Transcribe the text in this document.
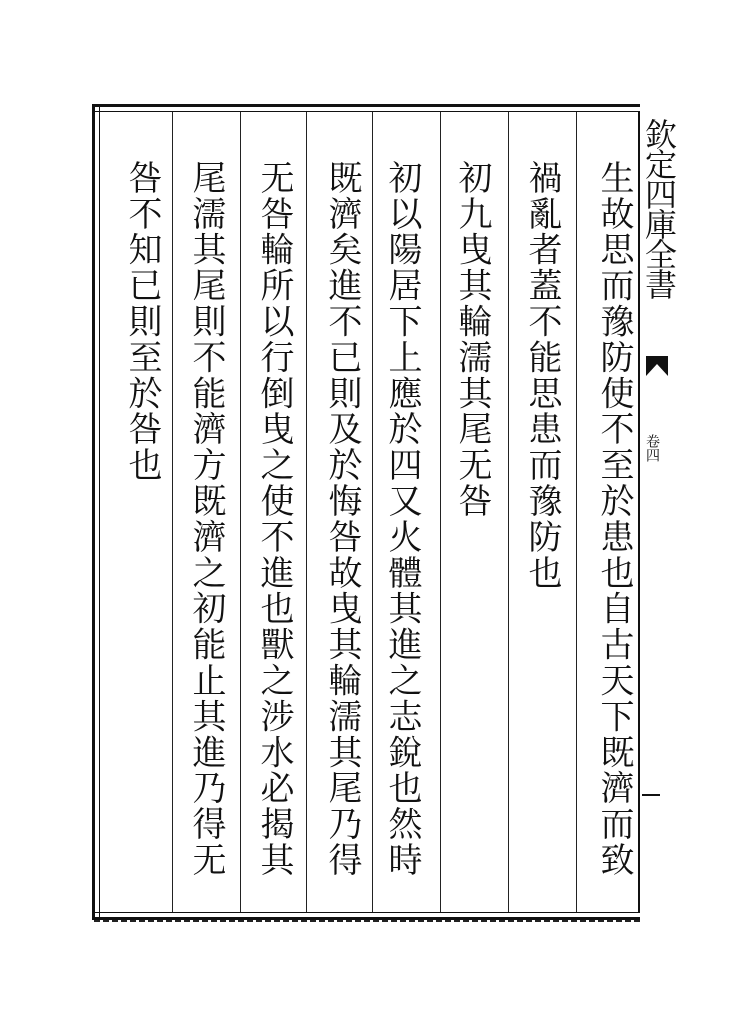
欽定四庫全書
卷四
生故思而豫防使不至於患也自古天下既濟而致
禍亂者蓋不能思患而豫防也
初九曳其輪濡其尾无咎
初以陽居下上應於四又火體其進之志銳也然時
既濟矣進不已則及於悔咎故曳其輪濡其尾乃得
无咎輪所以行倒曳之使不進也獸之涉水必揭其
尾濡其尾則不能濟方既濟之初能止其進乃得无
咎不知已則至於咎也
